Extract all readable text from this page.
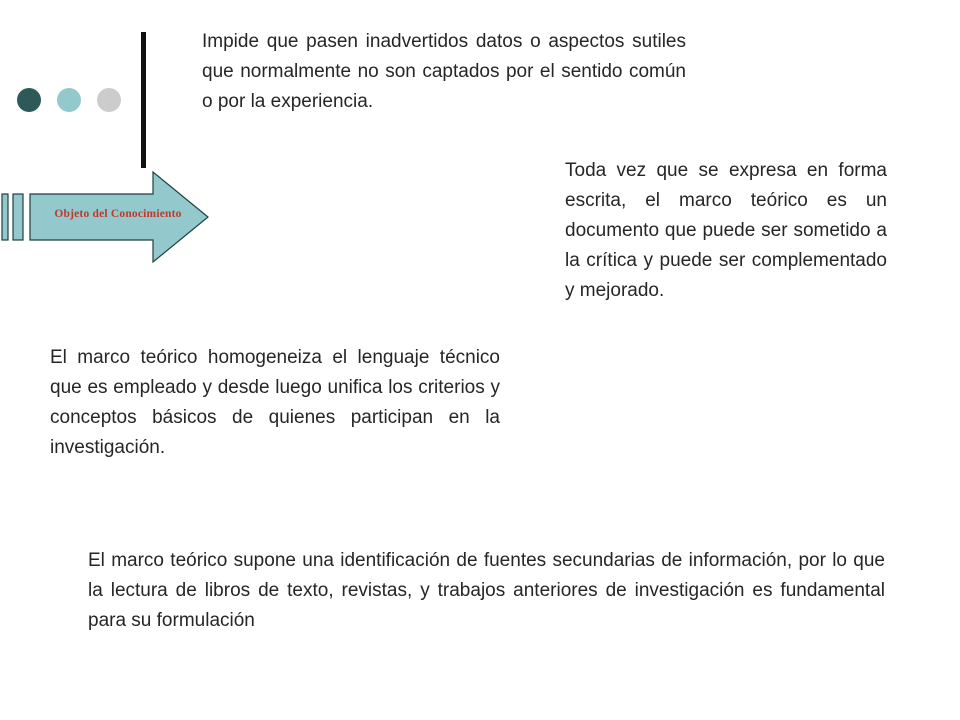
Objeto del Conocimiento

Impide que pasen inadvertidos datos o aspectos sutiles que normalmente no son captados por el sentido común o por la experiencia.

Toda vez que se expresa en forma escrita, el marco teórico es un documento que puede ser sometido a la crítica y puede ser complementado y mejorado.

El marco teórico homogeneiza el lenguaje técnico que es empleado y desde luego unifica los criterios y conceptos básicos de quienes participan en la investigación.

El marco teórico supone una identificación de fuentes secundarias de información, por lo que la lectura de libros de texto, revistas, y trabajos anteriores de investigación es fundamental para su formulación
